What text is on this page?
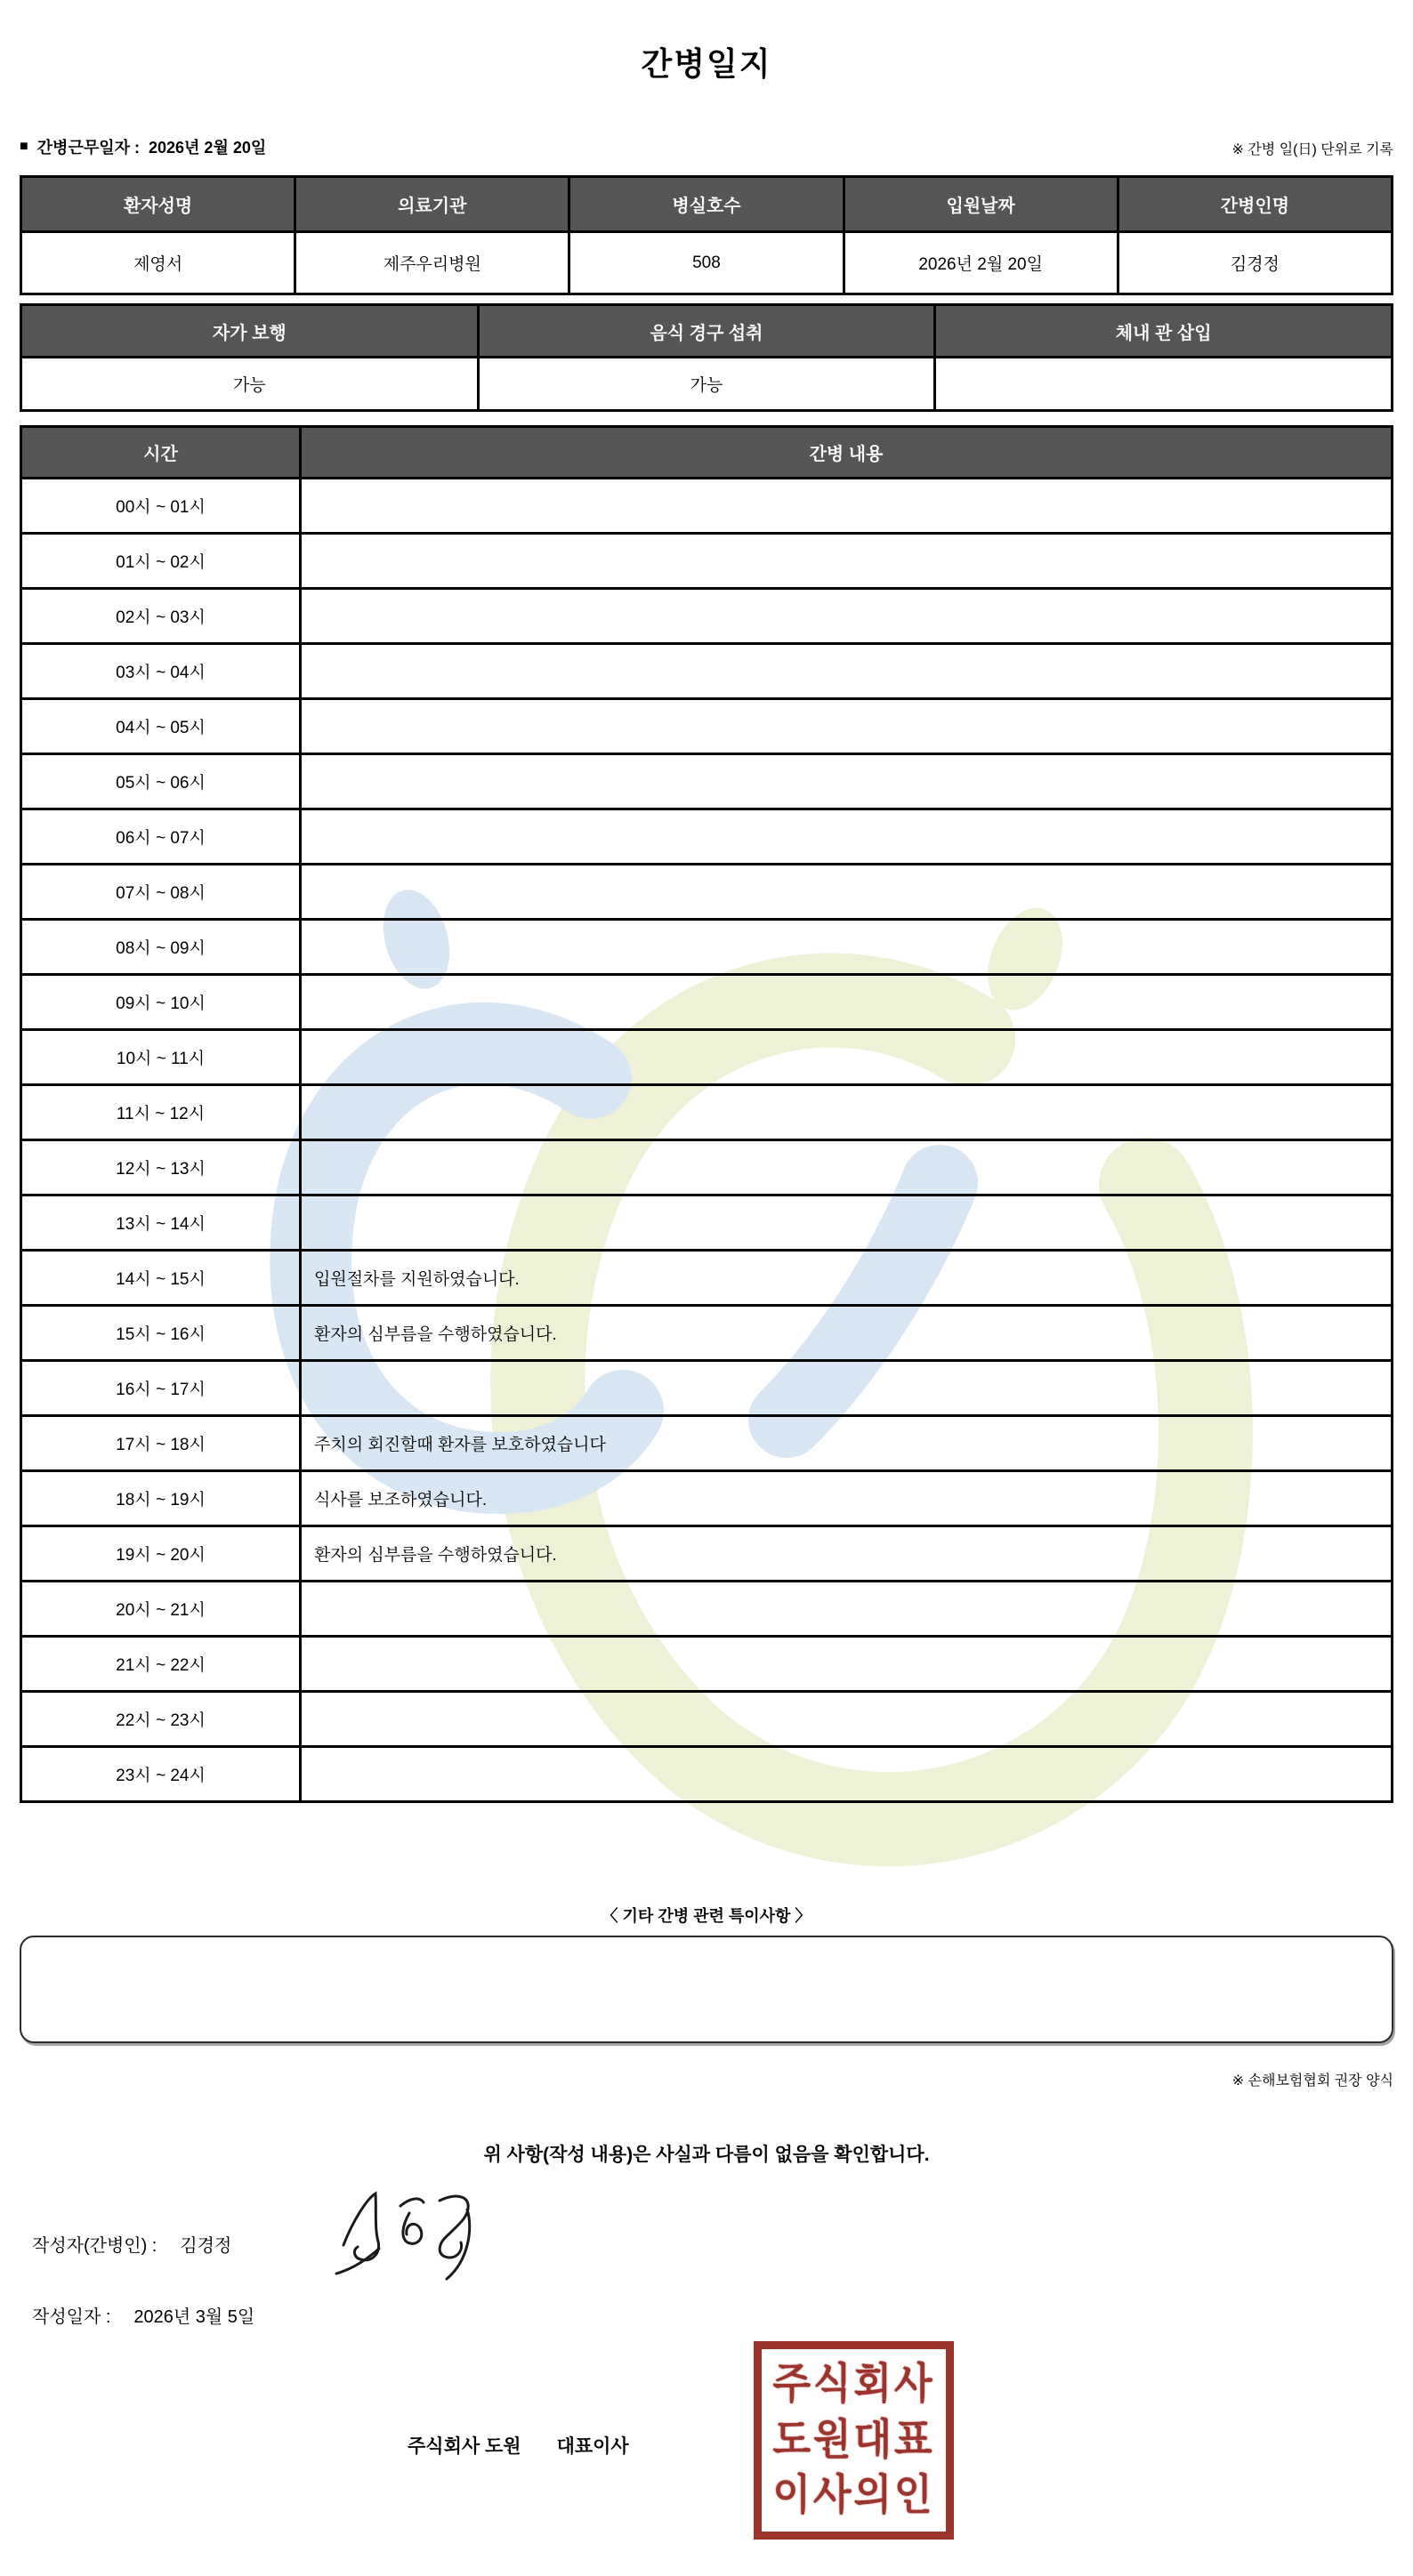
간병일지
■ 간병근무일자 : 2026년 2월 20일	※ 간병 일(日) 단위로 기록
환자성명	의료기관	병실호수	입원날짜	간병인명
제영서	제주우리병원	508	2026년 2월 20일	김경정
자가 보행	음식 경구 섭취	체내 관 삽입
가능	가능	
시간	간병 내용
00시 ~ 01시	
01시 ~ 02시	
02시 ~ 03시	
03시 ~ 04시	
04시 ~ 05시	
05시 ~ 06시	
06시 ~ 07시	
07시 ~ 08시	
08시 ~ 09시	
09시 ~ 10시	
10시 ~ 11시	
11시 ~ 12시	
12시 ~ 13시	
13시 ~ 14시	
14시 ~ 15시	입원절차를 지원하였습니다.
15시 ~ 16시	환자의 심부름을 수행하였습니다.
16시 ~ 17시	
17시 ~ 18시	주치의 회진할때 환자를 보호하였습니다
18시 ~ 19시	식사를 보조하였습니다.
19시 ~ 20시	환자의 심부름을 수행하였습니다.
20시 ~ 21시	
21시 ~ 22시	
22시 ~ 23시	
23시 ~ 24시	
〈 기타 간병 관련 특이사항 〉
※ 손해보험협회 권장 양식
위 사항(작성 내용)은 사실과 다름이 없음을 확인합니다.
작성자(간병인) : 김경정
작성일자 : 2026년 3월 5일
주식회사 도원 대표이사
주식회사
도원대표
이사의인
